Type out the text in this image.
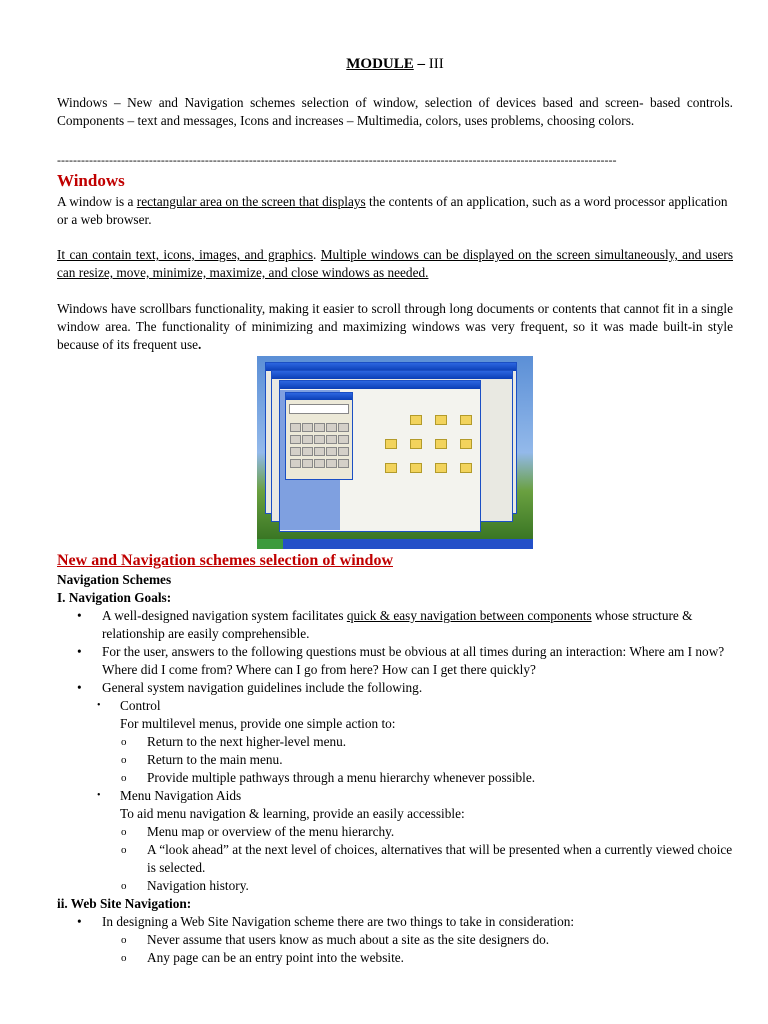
MODULE – III

Windows – New and Navigation schemes selection of window, selection of devices based and screen- based controls. Components – text and messages, Icons and increases – Multimedia, colors, uses problems, choosing colors.

--------------------------------------------------------------------------------------------------------------------------------------------
Windows

A window is a rectangular area on the screen that displays the contents of an application, such as a word processor application or a web browser.

It can contain text, icons, images, and graphics. Multiple windows can be displayed on the screen simultaneously, and users can resize, move, minimize, maximize, and close windows as needed.

Windows have scrollbars functionality, making it easier to scroll through long documents or contents that cannot fit in a single window area. The functionality of minimizing and maximizing windows was very frequent, so it was made built-in style because of its frequent use.

New and Navigation schemes selection of window
Navigation Schemes
I. Navigation Goals:
• A well-designed navigation system facilitates quick & easy navigation between components whose structure & relationship are easily comprehensible.
• For the user, answers to the following questions must be obvious at all times during an interaction: Where am I now? Where did I come from? Where can I go from here? How can I get there quickly?
• General system navigation guidelines include the following.
• Control
For multilevel menus, provide one simple action to:
o Return to the next higher-level menu.
o Return to the main menu.
o Provide multiple pathways through a menu hierarchy whenever possible.
• Menu Navigation Aids
To aid menu navigation & learning, provide an easily accessible:
o Menu map or overview of the menu hierarchy.
o A “look ahead” at the next level of choices, alternatives that will be presented when a currently viewed choice is selected.
o Navigation history.
ii. Web Site Navigation:
• In designing a Web Site Navigation scheme there are two things to take in consideration:
o Never assume that users know as much about a site as the site designers do.
o Any page can be an entry point into the website.
